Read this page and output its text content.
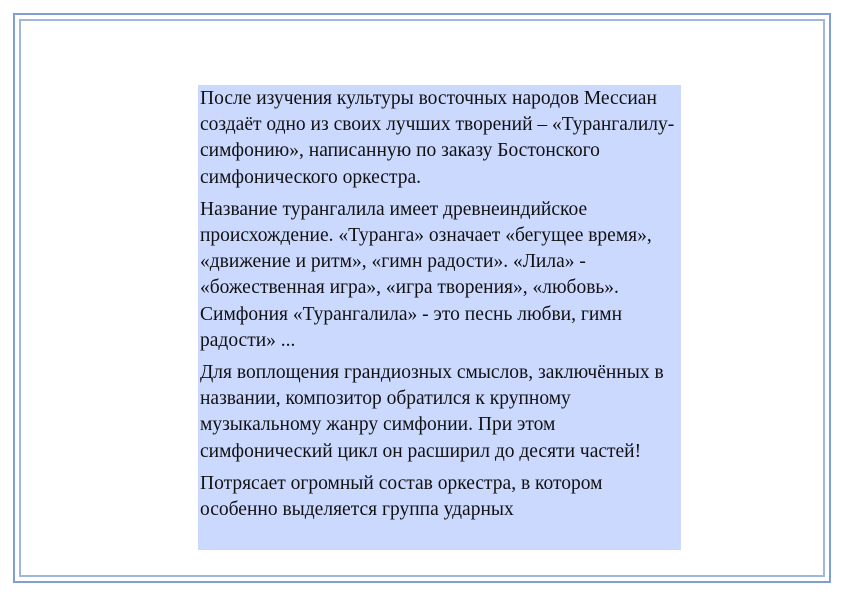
После изучения культуры восточных народов Мессиан создаёт одно из своих лучших творений – «Турангалилу-симфонию», написанную по заказу Бостонского симфонического оркестра.

Название турангалила имеет древнеиндийское происхождение. «Туранга» означает «бегущее время», «движение и ритм», «гимн радости». «Лила» - «божественная игра», «игра творения», «любовь». Симфония «Турангалила» - это песнь любви, гимн радости» ...

Для воплощения грандиозных смыслов, заключённых в названии, композитор обратился к крупному музыкальному жанру симфонии. При этом симфонический цикл он расширил до десяти частей!

Потрясает огромный состав оркестра, в котором особенно выделяется группа ударных
